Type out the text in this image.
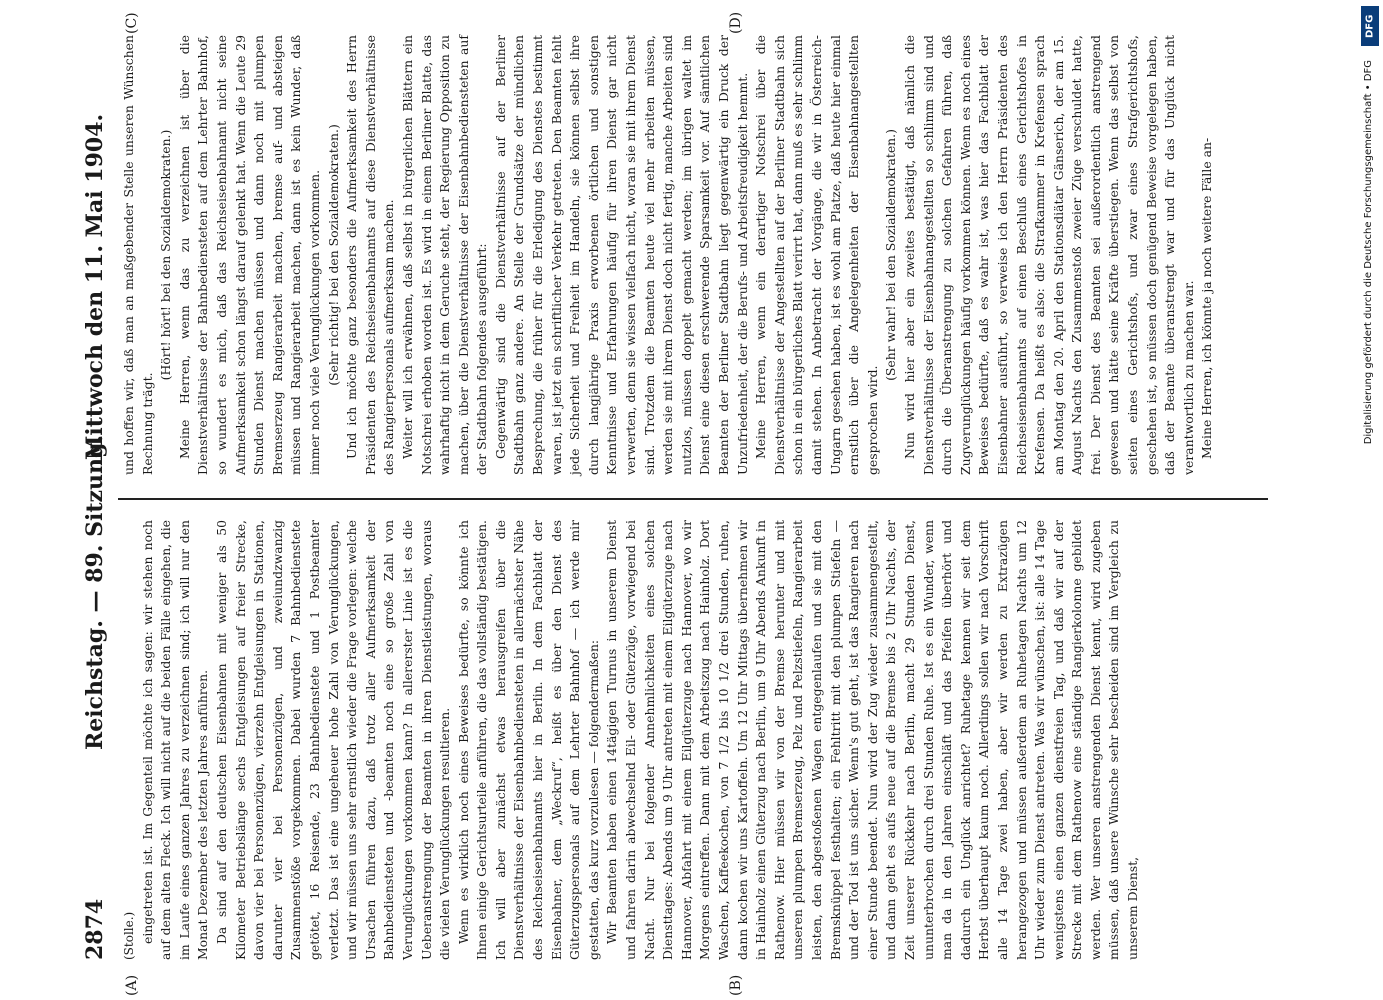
2874
Reichstag. — 89. Sitzung.
Mittwoch den 11. Mai 1904.
(A)	(B)
(C)	(D)

(Stolle.) eingetreten ist. Im Gegenteil möchte ich sagen: wir stehen noch auf dem alten Fleck. Ich will nicht auf die beiden Fälle eingehen, die im Laufe eines ganzen Jahres zu verzeichnen sind; ich will nur den Monat Dezember des letzten Jahres anführen. Da sind auf den deutschen Eisenbahnen mit weniger als 50 Kilometer Betriebslänge sechs Entgleisungen auf freier Strecke, davon vier bei Personenzügen, vierzehn Entgleisungen in Stationen, darunter vier bei Personenzügen, und zweiundzwanzig Zusammenstöße vorgekommen. Dabei wurden 7 Bahnbedienstete getötet, 16 Reisende, 23 Bahnbedienstete und 1 Postbeamter verletzt. Das ist eine ungeheuer hohe Zahl von Verunglückungen, und wir müssen uns sehr ernstlich wieder die Frage vorlegen: welche Ursachen führen dazu, daß trotz aller Aufmerksamkeit der Bahnbediensteten und -beamten noch eine so große Zahl von Verunglückungen vorkommen kann? In allererster Linie ist es die Ueberanstrengung der Beamten in ihren Dienstleistungen, woraus die vielen Verunglückungen resultieren. Wenn es wirklich noch eines Beweises bedürfte, so könnte ich Ihnen einige Gerichtsurteile anführen, die das vollständig bestätigen. Ich will aber zunächst etwas herausgreifen über die Dienstverhältnisse der Eisenbahnbediensteten in allernächster Nähe des Reichseisenbahnamts hier in Berlin. In dem Fachblatt der Eisenbahner, dem „Weckruf“, heißt es über den Dienst des Güterzugspersonals auf dem Lehrter Bahnhof — ich werde mir gestatten, das kurz vorzulesen — folgendermaßen: Wir Beamten haben einen 14tägigen Turnus in unserem Dienst und fahren darin abwechselnd Eil- oder Güterzüge, vorwiegend bei Nacht. Nur bei folgender Annehmlichkeiten eines solchen Diensttages: Abends um 9 Uhr antreten mit einem Eilgüterzuge nach Hannover, Abfahrt mit einem Eilgüterzuge nach Hannover, wo wir Morgens eintreffen. Dann mit dem Arbeitszug nach Hainholz. Dort Waschen, Kaffeekochen, von 7 1/2 bis 10 1/2 drei Stunden, ruhen, dann kochen wir uns Kartoffeln. Um 12 Uhr Mittags übernehmen wir in Hainholz einen Güterzug nach Berlin, um 9 Uhr Abends Ankunft in Rathenow. Hier müssen wir von der Bremse herunter und mit unseren plumpen Bremserzeug, Pelz und Pelzstiefeln, Rangierarbeit leisten, den abgestoßenen Wagen entgegenlaufen und sie mit den Bremsknüppel festhalten; ein Fehltritt mit den plumpen Stiefeln — und der Tod ist uns sicher. Wenn's gut geht, ist das Rangieren nach einer Stunde beendet. Nun wird der Zug wieder zusammengestellt, und dann geht es aufs neue auf die Bremse bis 2 Uhr Nachts, der Zeit unserer Rückkehr nach Berlin, macht 29 Stunden Dienst, ununterbrochen durch drei Stunden Ruhe. Ist es ein Wunder, wenn man da in den Jahren einschläft und das Pfeifen überhört und dadurch ein Unglück anrichtet? Ruhetage kennen wir seit dem Herbst überhaupt kaum noch. Allerdings sollen wir nach Vorschrift alle 14 Tage zwei haben, aber wir werden zu Extrazügen herangezogen und müssen außerdem an Ruhetagen Nachts um 12 Uhr wieder zum Dienst antreten. Was wir wünschen, ist: alle 14 Tage wenigstens einen ganzen dienstfreien Tag, und daß wir auf der Strecke mit dem Rathenow eine ständige Rangierkolonne gebildet werden. Wer unseren anstrengenden Dienst kennt, wird zugeben müssen, daß unsere Wünsche sehr bescheiden sind im Vergleich zu unserem Dienst,

und hoffen wir, daß man an maßgebender Stelle unseren Wünschen Rechnung trägt.

(Hört! hört! bei den Sozialdemokraten.) Meine Herren, wenn das zu verzeichnen ist über die Dienstverhältnisse der Bahnbediensteten auf dem Lehrter Bahnhof, so wundert es mich, daß das Reichseisenbahnamt nicht seine Aufmerksamkeit schon längst darauf gelenkt hat. Wenn die Leute 29 Stunden Dienst machen müssen und dann noch mit plumpen Bremserzeug Rangierarbeit machen, bremse auf- und absteigen müssen und Rangierarbeit machen, dann ist es kein Wunder, daß immer noch viele Verunglückungen vorkommen. (Sehr richtig! bei den Sozialdemokraten.) Und ich möchte ganz besonders die Aufmerksamkeit des Herrn Präsidenten des Reichseisenbahnamts auf diese Dienstverhältnisse des Rangierpersonals aufmerksam machen. Weiter will ich erwähnen, daß selbst in bürgerlichen Blättern ein Notschrei erhoben worden ist. Es wird in einem Berliner Blatte, das wahrhaftig nicht in dem Geruche steht, der Regierung Opposition zu machen, über die Dienstverhältnisse der Eisenbahnbediensteten auf der Stadtbahn folgendes ausgeführt: Gegenwärtig sind die Dienstverhältnisse auf der Berliner Stadtbahn ganz andere. An Stelle der Grundsätze der mündlichen Besprechung, die früher für die Erledigung des Dienstes bestimmt waren, ist jetzt ein schriftlicher Verkehr getreten. Den Beamten fehlt jede Sicherheit und Freiheit im Handeln, sie können selbst ihre durch langjährige Praxis erworbenen örtlichen und sonstigen Kenntnisse und Erfahrungen häufig für ihren Dienst gar nicht verwerten, denn sie wissen vielfach nicht, woran sie mit ihrem Dienst sind. Trotzdem die Beamten heute viel mehr arbeiten müssen, werden sie mit ihrem Dienst doch nicht fertig, manche Arbeiten sind nutzlos, müssen doppelt gemacht werden; im übrigen waltet im Dienst eine diesen erschwerende Sparsamkeit vor. Auf sämtlichen Beamten der Berliner Stadtbahn liegt gegenwärtig ein Druck der Unzufriedenheit, der die Berufs- und Arbeitsfreudigkeit hemmt. Meine Herren, wenn ein derartiger Notschrei über die Dienstverhältnisse der Angestellten auf der Berliner Stadtbahn sich schon in ein bürgerliches Blatt verirrt hat, dann muß es sehr schlimm damit stehen. In Anbetracht der Vorgänge, die wir in Österreich-Ungarn gesehen haben, ist es wohl am Platze, daß heute hier einmal ernstlich über die Angelegenheiten der Eisenbahnangestellten gesprochen wird.

(Sehr wahr! bei den Sozialdemokraten.) Nun wird hier aber ein zweites bestätigt, daß nämlich die Dienstverhältnisse der Eisenbahnangestellten so schlimm sind und durch die Überanstrengung zu solchen Gefahren führen, daß Zugverunglückungen häufig vorkommen können. Wenn es noch eines Beweises bedürfte, daß es wahr ist, was hier das Fachblatt der Eisenbahner ausführt, so verweise ich den Herrn Präsidenten des Reichseisenbahnamts auf einen Beschluß eines Gerichtshofes in Krefensen. Da heißt es also: die Strafkammer in Krefensen sprach am Montag den 20. April den Stationsdiätar Gänserich, der am 15. August Nachts den Zusammenstoß zweier Züge verschuldet hatte, frei. Der Dienst des Beamten sei außerordentlich anstrengend gewesen und hätte seine Kräfte überstiegen. Wenn das selbst von seiten eines Gerichtshofs, und zwar eines Strafgerichtshofs, geschehen ist, so müssen doch genügend Beweise vorgelegen haben, daß der Beamte überanstrengt war und für das Unglück nicht verantwortlich zu machen war. Meine Herren, ich könnte ja noch weitere Fälle an-

DFG
Digitalisierung gefördert durch die Deutsche Forschungsgemeinschaft • DFG
